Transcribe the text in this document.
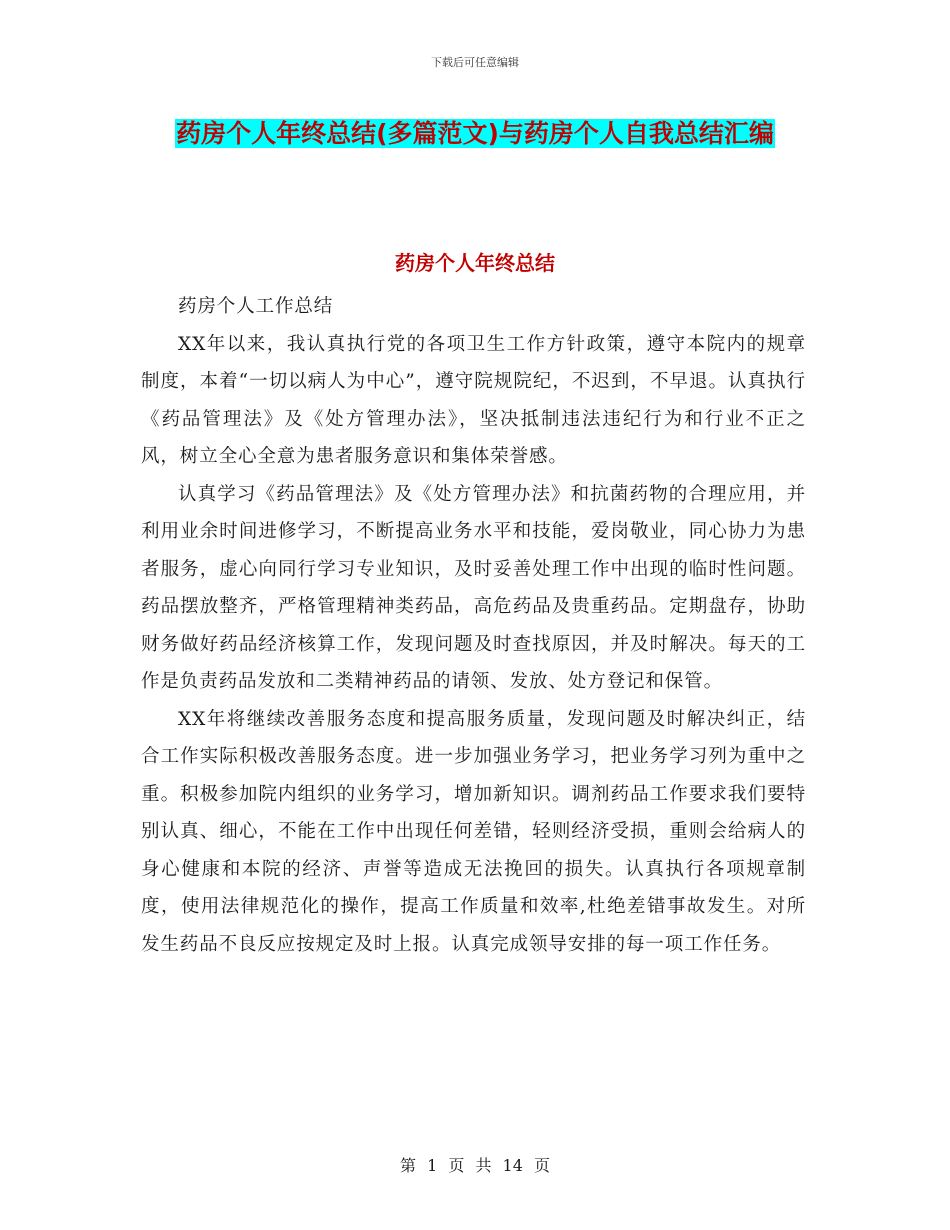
下载后可任意编辑
药房个人年终总结(多篇范文)与药房个人自我总结汇编
药房个人年终总结

药房个人工作总结

XX年以来，我认真执行党的各项卫生工作方针政策，遵守本院内的规章制度，本着“一切以病人为中心”，遵守院规院纪，不迟到，不早退。认真执行《药品管理法》及《处方管理办法》，坚决抵制违法违纪行为和行业不正之风，树立全心全意为患者服务意识和集体荣誉感。

认真学习《药品管理法》及《处方管理办法》和抗菌药物的合理应用，并利用业余时间进修学习，不断提高业务水平和技能，爱岗敬业，同心协力为患者服务，虚心向同行学习专业知识，及时妥善处理工作中出现的临时性问题。药品摆放整齐，严格管理精神类药品，高危药品及贵重药品。定期盘存，协助财务做好药品经济核算工作，发现问题及时查找原因，并及时解决。每天的工作是负责药品发放和二类精神药品的请领、发放、处方登记和保管。

XX年将继续改善服务态度和提高服务质量，发现问题及时解决纠正，结合工作实际积极改善服务态度。进一步加强业务学习，把业务学习列为重中之重。积极参加院内组织的业务学习，增加新知识。调剂药品工作要求我们要特别认真、细心，不能在工作中出现任何差错，轻则经济受损，重则会给病人的身心健康和本院的经济、声誉等造成无法挽回的损失。认真执行各项规章制度，使用法律规范化的操作，提高工作质量和效率,杜绝差错事故发生。对所发生药品不良反应按规定及时上报。认真完成领导安排的每一项工作任务。

第 1 页 共 14 页
